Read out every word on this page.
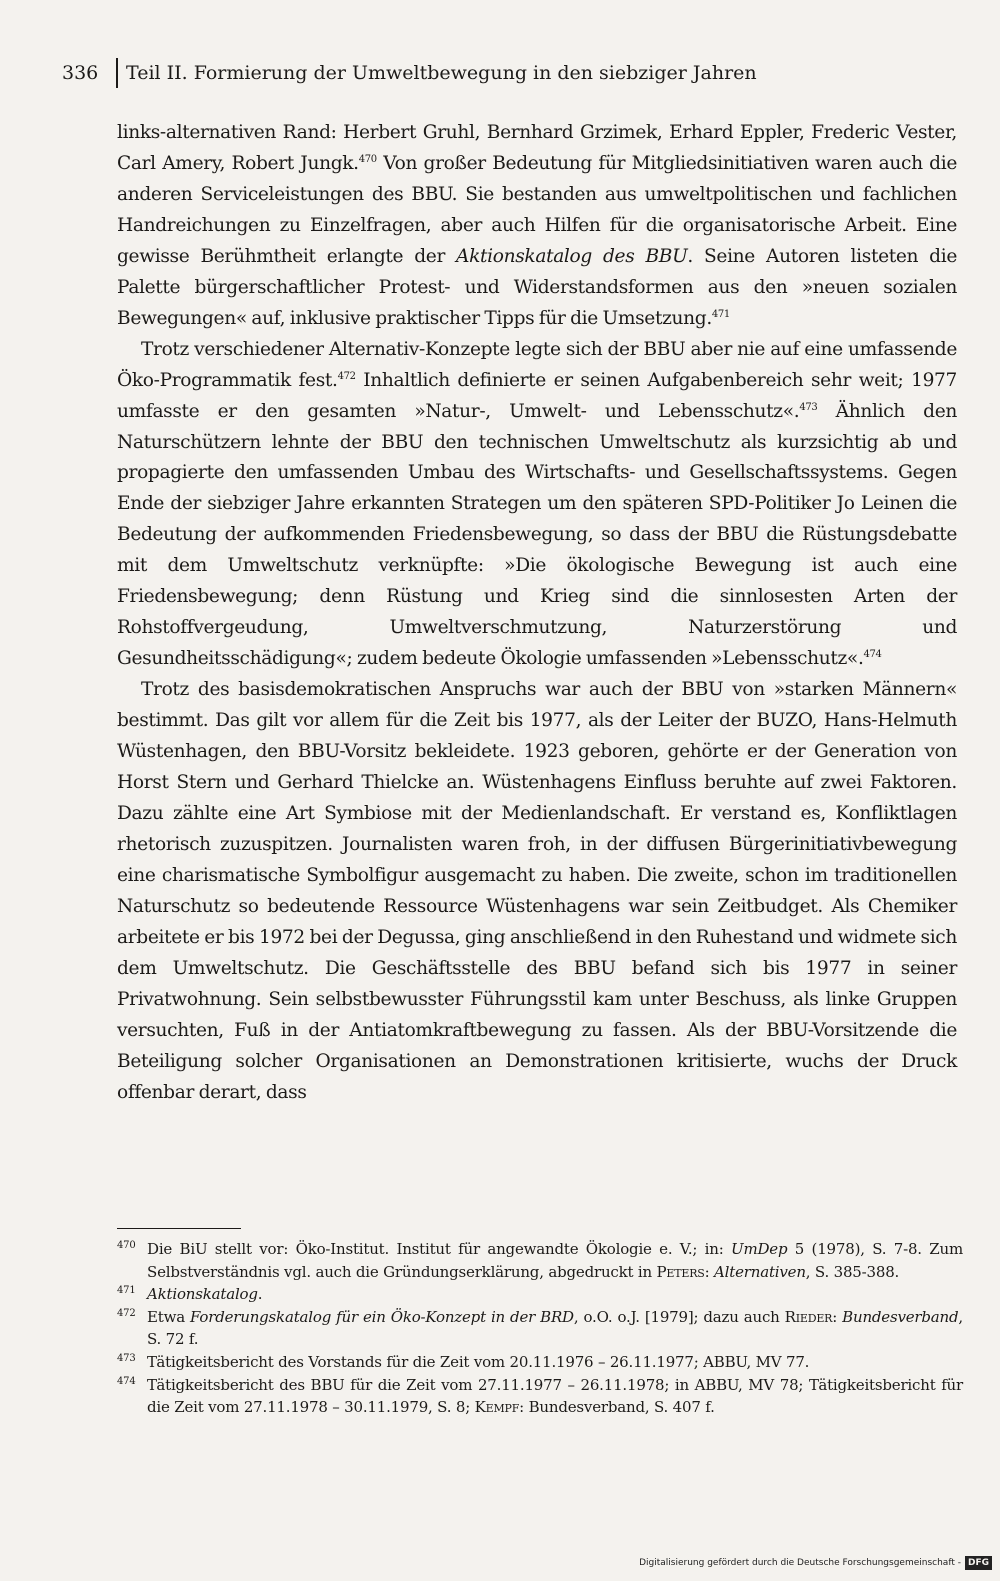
336 Teil II. Formierung der Umweltbewegung in den siebziger Jahren

links-alternativen Rand: Herbert Gruhl, Bernhard Grzimek, Erhard Eppler, Frederic Vester, Carl Amery, Robert Jungk.$^{470}$ Von großer Bedeutung für Mitgliedsinitiativen waren auch die anderen Serviceleistungen des BBU. Sie bestanden aus umweltpolitischen und fachlichen Handreichungen zu Einzelfragen, aber auch Hilfen für die organisatorische Arbeit. Eine gewisse Berühmtheit erlangte der Aktionskatalog des BBU. Seine Autoren listeten die Palette bürgerschaftlicher Protest- und Widerstandsformen aus den »neuen sozialen Bewegungen« auf, inklusive praktischer Tipps für die Umsetzung.$^{471}$

Trotz verschiedener Alternativ-Konzepte legte sich der BBU aber nie auf eine umfassende Öko-Programmatik fest.$^{472}$ Inhaltlich definierte er seinen Aufgabenbereich sehr weit; 1977 umfasste er den gesamten »Natur-, Umwelt- und Lebensschutz«.$^{473}$ Ähnlich den Naturschützern lehnte der BBU den technischen Umweltschutz als kurzsichtig ab und propagierte den umfassenden Umbau des Wirtschafts- und Gesellschaftssystems. Gegen Ende der siebziger Jahre erkannten Strategen um den späteren SPD-Politiker Jo Leinen die Bedeutung der aufkommenden Friedensbewegung, so dass der BBU die Rüstungsdebatte mit dem Umweltschutz verknüpfte: »Die ökologische Bewegung ist auch eine Friedensbewegung; denn Rüstung und Krieg sind die sinnlosesten Arten der Rohstoffvergeudung, Umweltverschmutzung, Naturzerstörung und Gesundheitsschädigung«; zudem bedeute Ökologie umfassenden »Lebensschutz«.$^{474}$

Trotz des basisdemokratischen Anspruchs war auch der BBU von »starken Männern« bestimmt. Das gilt vor allem für die Zeit bis 1977, als der Leiter der BUZO, Hans-Helmuth Wüstenhagen, den BBU-Vorsitz bekleidete. 1923 geboren, gehörte er der Generation von Horst Stern und Gerhard Thielcke an. Wüstenhagens Einfluss beruhte auf zwei Faktoren. Dazu zählte eine Art Symbiose mit der Medienlandschaft. Er verstand es, Konfliktlagen rhetorisch zuzuspitzen. Journalisten waren froh, in der diffusen Bürgerinitiativbewegung eine charismatische Symbolfigur ausgemacht zu haben. Die zweite, schon im traditionellen Naturschutz so bedeutende Ressource Wüstenhagens war sein Zeitbudget. Als Chemiker arbeitete er bis 1972 bei der Degussa, ging anschließend in den Ruhestand und widmete sich dem Umweltschutz. Die Geschäftsstelle des BBU befand sich bis 1977 in seiner Privatwohnung. Sein selbstbewusster Führungsstil kam unter Beschuss, als linke Gruppen versuchten, Fuß in der Antiatomkraftbewegung zu fassen. Als der BBU-Vorsitzende die Beteiligung solcher Organisationen an Demonstrationen kritisierte, wuchs der Druck offenbar derart, dass

470 Die BiU stellt vor: Öko-Institut. Institut für angewandte Ökologie e. V.; in: UmDep 5 (1978), S. 7-8. Zum Selbstverständnis vgl. auch die Gründungserklärung, abgedruckt in Peters: Alternativen, S. 385-388.
471 Aktionskatalog.
472 Etwa Forderungskatalog für ein Öko-Konzept in der BRD, o.O. o.J. [1979]; dazu auch Rieder: Bundesverband, S. 72 f.
473 Tätigkeitsbericht des Vorstands für die Zeit vom 20.11.1976 – 26.11.1977; ABBU, MV 77.
474 Tätigkeitsbericht des BBU für die Zeit vom 27.11.1977 – 26.11.1978; in ABBU, MV 78; Tätigkeitsbericht für die Zeit vom 27.11.1978 – 30.11.1979, S. 8; Kempf: Bundesverband, S. 407 f.
Digitalisierung gefördert durch die Deutsche Forschungsgemeinschaft - DFG
